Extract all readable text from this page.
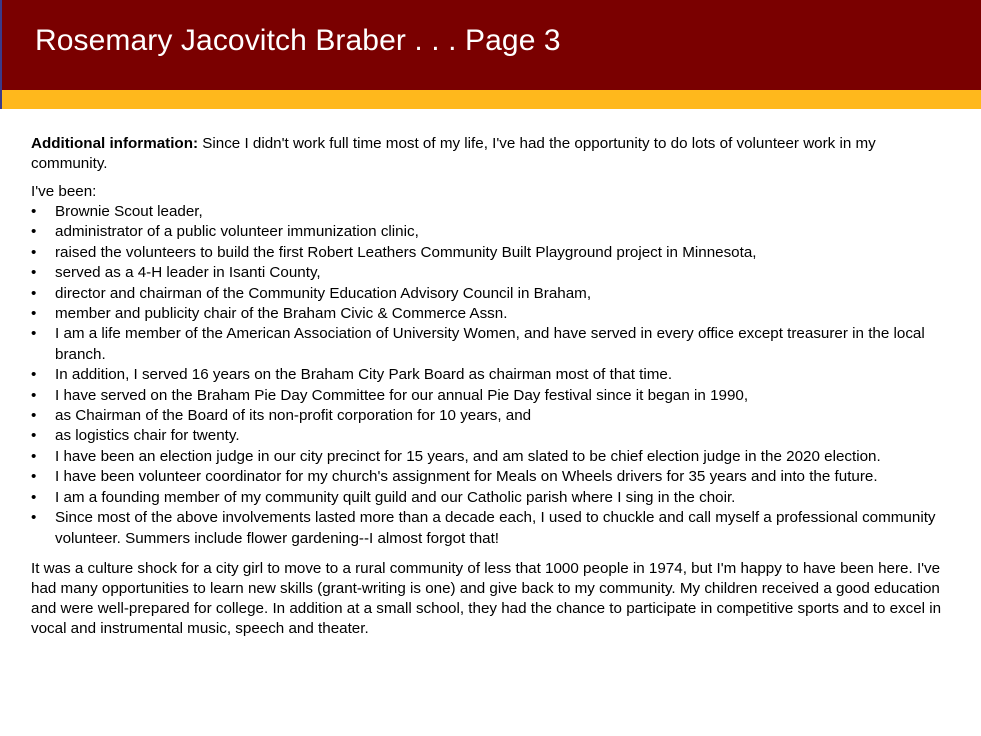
Rosemary Jacovitch Braber . . . Page 3

Additional information: Since I didn't work full time most of my life, I've had the opportunity to do lots of volunteer work in my community.

I've been:

• Brownie Scout leader,
• administrator of a public volunteer immunization clinic,
• raised the volunteers to build the first Robert Leathers Community Built Playground project in Minnesota,
• served as a 4-H leader in Isanti County,
• director and chairman of the Community Education Advisory Council in Braham,
• member and publicity chair of the Braham Civic & Commerce Assn.
• I am a life member of the American Association of University Women, and have served in every office except treasurer in the local branch.
• In addition, I served 16 years on the Braham City Park Board as chairman most of that time.
• I have served on the Braham Pie Day Committee for our annual Pie Day festival since it began in 1990,
• as Chairman of the Board of its non-profit corporation for 10 years, and
• as logistics chair for twenty.
• I have been an election judge in our city precinct for 15 years, and am slated to be chief election judge in the 2020 election.
• I have been volunteer coordinator for my church's assignment for Meals on Wheels drivers for 35 years and into the future.
• I am a founding member of my community quilt guild and our Catholic parish where I sing in the choir.
• Since most of the above involvements lasted more than a decade each, I used to chuckle and call myself a professional community volunteer. Summers include flower gardening--I almost forgot that!

It was a culture shock for a city girl to move to a rural community of less that 1000 people in 1974, but I'm happy to have been here. I've had many opportunities to learn new skills (grant-writing is one) and give back to my community. My children received a good education and were well-prepared for college. In addition at a small school, they had the chance to participate in competitive sports and to excel in vocal and instrumental music, speech and theater.
